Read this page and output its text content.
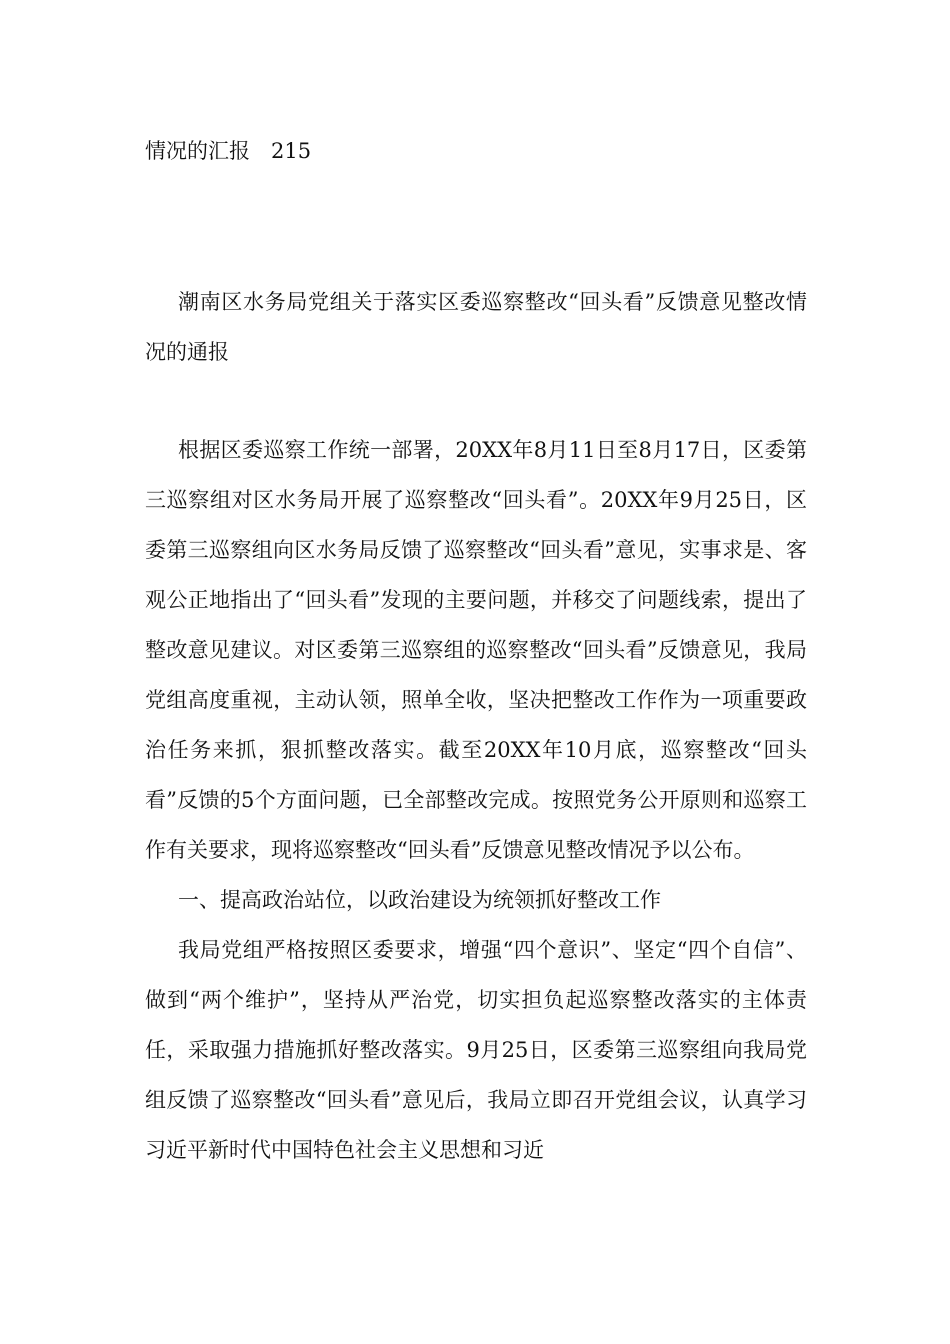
情况的汇报　215
潮南区水务局党组关于落实区委巡察整改“回头看”反馈意见整改情况的通报

根据区委巡察工作统一部署，20XX年8月11日至8月17日，区委第三巡察组对区水务局开展了巡察整改“回头看”。20XX年9月25日，区委第三巡察组向区水务局反馈了巡察整改“回头看”意见，实事求是、客观公正地指出了“回头看”发现的主要问题，并移交了问题线索，提出了整改意见建议。对区委第三巡察组的巡察整改“回头看”反馈意见，我局党组高度重视，主动认领，照单全收，坚决把整改工作作为一项重要政治任务来抓，狠抓整改落实。截至20XX年10月底，巡察整改“回头看”反馈的5个方面问题，已全部整改完成。按照党务公开原则和巡察工作有关要求，现将巡察整改“回头看”反馈意见整改情况予以公布。

一、提高政治站位，以政治建设为统领抓好整改工作

我局党组严格按照区委要求，增强“四个意识”、坚定“四个自信”、做到“两个维护”，坚持从严治党，切实担负起巡察整改落实的主体责任，采取强力措施抓好整改落实。9月25日，区委第三巡察组向我局党组反馈了巡察整改“回头看”意见后，我局立即召开党组会议，认真学习习近平新时代中国特色社会主义思想和习近
